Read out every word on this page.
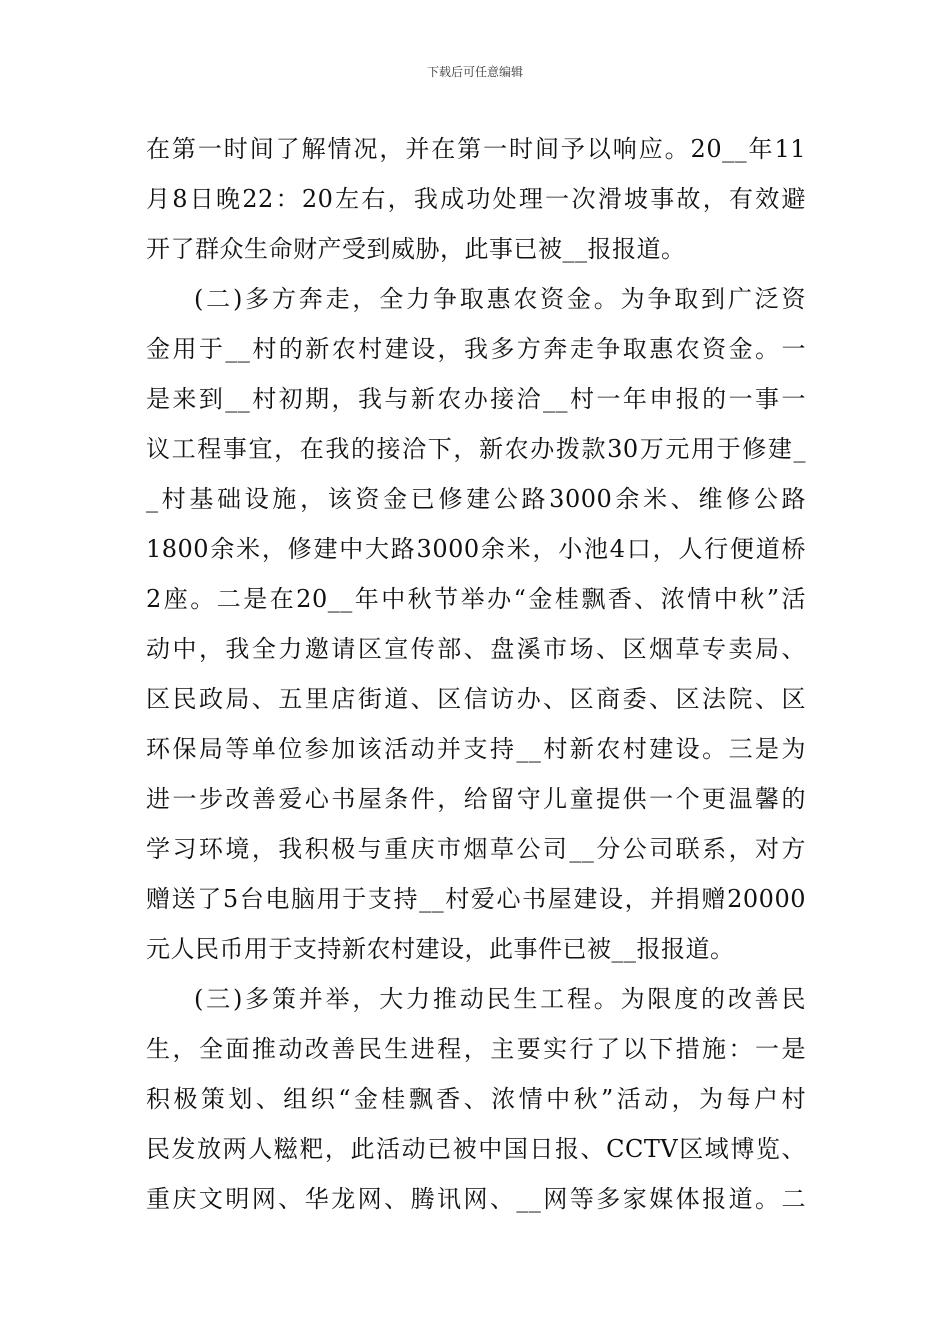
下载后可任意编辑
在第一时间了解情况，并在第一时间予以响应。20__年11
月8日晚22：20左右，我成功处理一次滑坡事故，有效避
开了群众生命财产受到威胁，此事已被__报报道。
(二)多方奔走，全力争取惠农资金。为争取到广泛资
金用于__村的新农村建设，我多方奔走争取惠农资金。一
是来到__村初期，我与新农办接洽__村一年申报的一事一
议工程事宜，在我的接洽下，新农办拨款30万元用于修建_
_村基础设施，该资金已修建公路3000余米、维修公路
1800余米，修建中大路3000余米，小池4口，人行便道桥
2座。二是在20__年中秋节举办“金桂飘香、浓情中秋”活
动中，我全力邀请区宣传部、盘溪市场、区烟草专卖局、
区民政局、五里店街道、区信访办、区商委、区法院、区
环保局等单位参加该活动并支持__村新农村建设。三是为
进一步改善爱心书屋条件，给留守儿童提供一个更温馨的
学习环境，我积极与重庆市烟草公司__分公司联系，对方
赠送了5台电脑用于支持__村爱心书屋建设，并捐赠20000
元人民币用于支持新农村建设，此事件已被__报报道。
(三)多策并举，大力推动民生工程。为限度的改善民
生，全面推动改善民生进程，主要实行了以下措施：一是
积极策划、组织“金桂飘香、浓情中秋”活动，为每户村
民发放两人糍粑，此活动已被中国日报、CCTV区域博览、
重庆文明网、华龙网、腾讯网、__网等多家媒体报道。二
